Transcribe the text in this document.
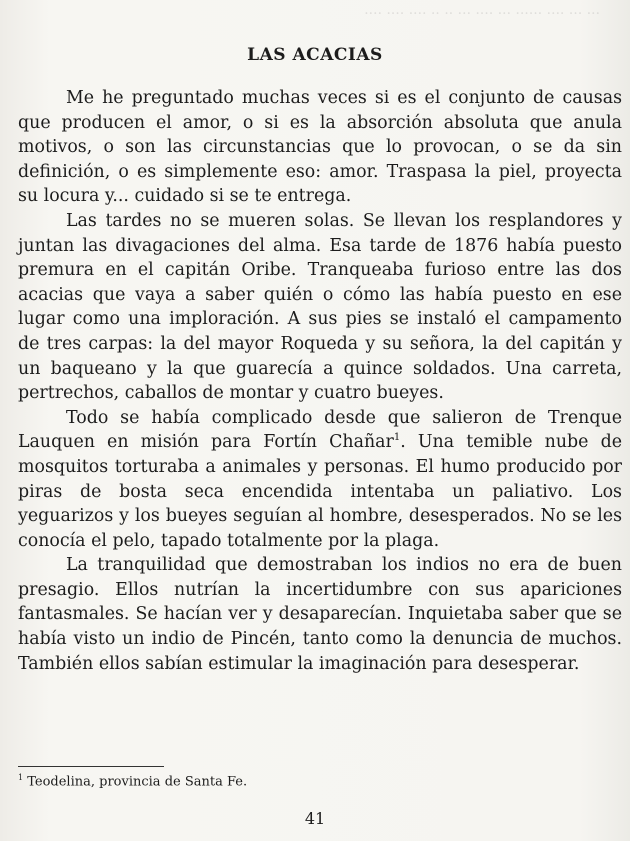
··· ··· ···· ······ ··· ···· ··· ·· ·· ···· ···· ····
LAS ACACIAS

Me he preguntado muchas veces si es el conjunto de causas que producen el amor, o si es la absorción absoluta que anula motivos, o son las circunstancias que lo provocan, o se da sin definición, o es simplemente eso: amor. Traspasa la piel, proyecta su locura y... cuidado si se te entrega.

Las tardes no se mueren solas. Se llevan los resplandores y juntan las divagaciones del alma. Esa tarde de 1876 había puesto premura en el capitán Oribe. Tranqueaba furioso entre las dos acacias que vaya a saber quién o cómo las había puesto en ese lugar como una imploración. A sus pies se instaló el campamento de tres carpas: la del mayor Roqueda y su señora, la del capitán y un baqueano y la que guarecía a quince soldados. Una carreta, pertrechos, caballos de montar y cuatro bueyes.

Todo se había complicado desde que salieron de Trenque Lauquen en misión para Fortín Chañar$^1$. Una temible nube de mosquitos torturaba a animales y personas. El humo producido por piras de bosta seca encendida intentaba un paliativo. Los yeguarizos y los bueyes seguían al hombre, desesperados. No se les conocía el pelo, tapado totalmente por la plaga.

La tranquilidad que demostraban los indios no era de buen presagio. Ellos nutrían la incertidumbre con sus apariciones fantasmales. Se hacían ver y desaparecían. Inquietaba saber que se había visto un indio de Pincén, tanto como la denuncia de muchos. También ellos sabían estimular la imaginación para desesperar.

$^1$ Teodelina, provincia de Santa Fe.
41
